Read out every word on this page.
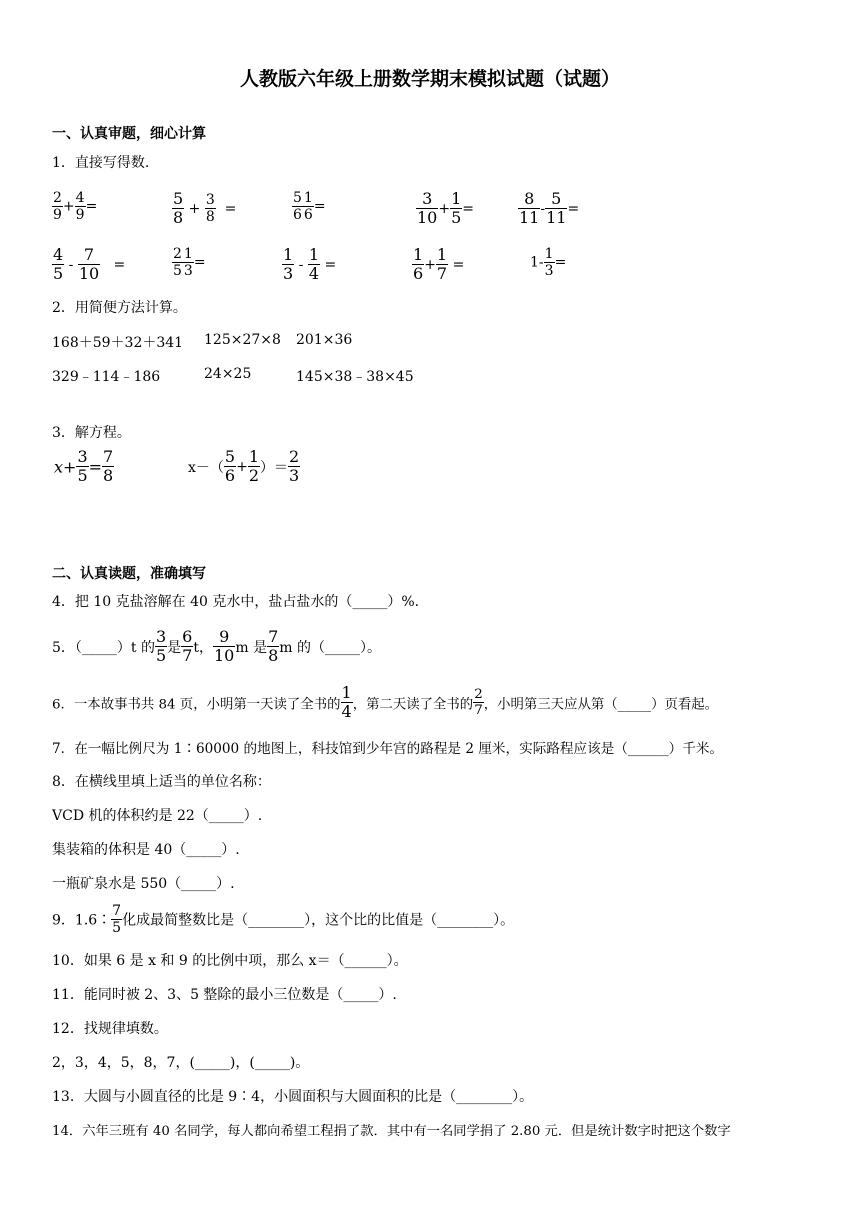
人教版六年级上册数学期末模拟试题（试题）
一、认真审题，细心计算
1．直接写得数.
$\frac{2}{9} + \frac{4}{9}$ =	$\frac{5}{8} + \frac{3}{8}$ =	$\frac{5}{6} \frac{1}{6}$ =	$\frac{3}{10} + \frac{1}{5}$ =	$\frac{8}{11} - \frac{5}{11}$ =
$\frac{4}{5} - \frac{7}{10}$ =	$\frac{2}{5} \frac{1}{3}$ =	$\frac{1}{3} - \frac{1}{4}$ =	$\frac{1}{6} + \frac{1}{7}$ =	$1- \frac{1}{3}$ =
2．用简便方法计算。
168＋59＋32＋341 125×27×8 201×36
329﹣114﹣186	24×25	145×38﹣38×45
3．解方程。
$x+ \frac{3}{5} = \frac{7}{8}$	$x-( \frac{5}{6} + \frac{1}{2}$ ）＝ $\frac{2}{3}$
二、认真读题，准确填写
4．把 10 克盐溶解在 40 克水中，盐占盐水的（_____）%.
5．（_____）t 的 $\frac{3}{5}$ 是 $\frac{6}{7}$ t， $\frac{9}{10}$ m 是 $\frac{7}{8}$ m 的（_____）。
6．一本故事书共 84 页，小明第一天读了全书的 $\frac{1}{4}$ ，第二天读了全书的 $\frac{2}{7}$ ，小明第三天应从第（_____）页看起。
7．在一幅比例尺为 1∶60000 的地图上，科技馆到少年宫的路程是 2 厘米，实际路程应该是（______）千米。
8．在横线里填上适当的单位名称：
VCD 机的体积约是 22（_____）.
集装箱的体积是 40（_____）.
一瓶矿泉水是 550（_____）.
9．1.6∶ $\frac{7}{5}$ 化成最简整数比是（________），这个比的比值是（________）。
10．如果 6 是 x 和 9 的比例中项，那么 x＝（______）。
11．能同时被 2、3、5 整除的最小三位数是（_____）.
12．找规律填数。
2，3，4，5，8，7，(_____)，(_____)。
13．大圆与小圆直径的比是 9∶4，小圆面积与大圆面积的比是（________）。
14．六年三班有 40 名同学，每人都向希望工程捐了款．其中有一名同学捐了 2.80 元．但是统计数字时把这个数字
